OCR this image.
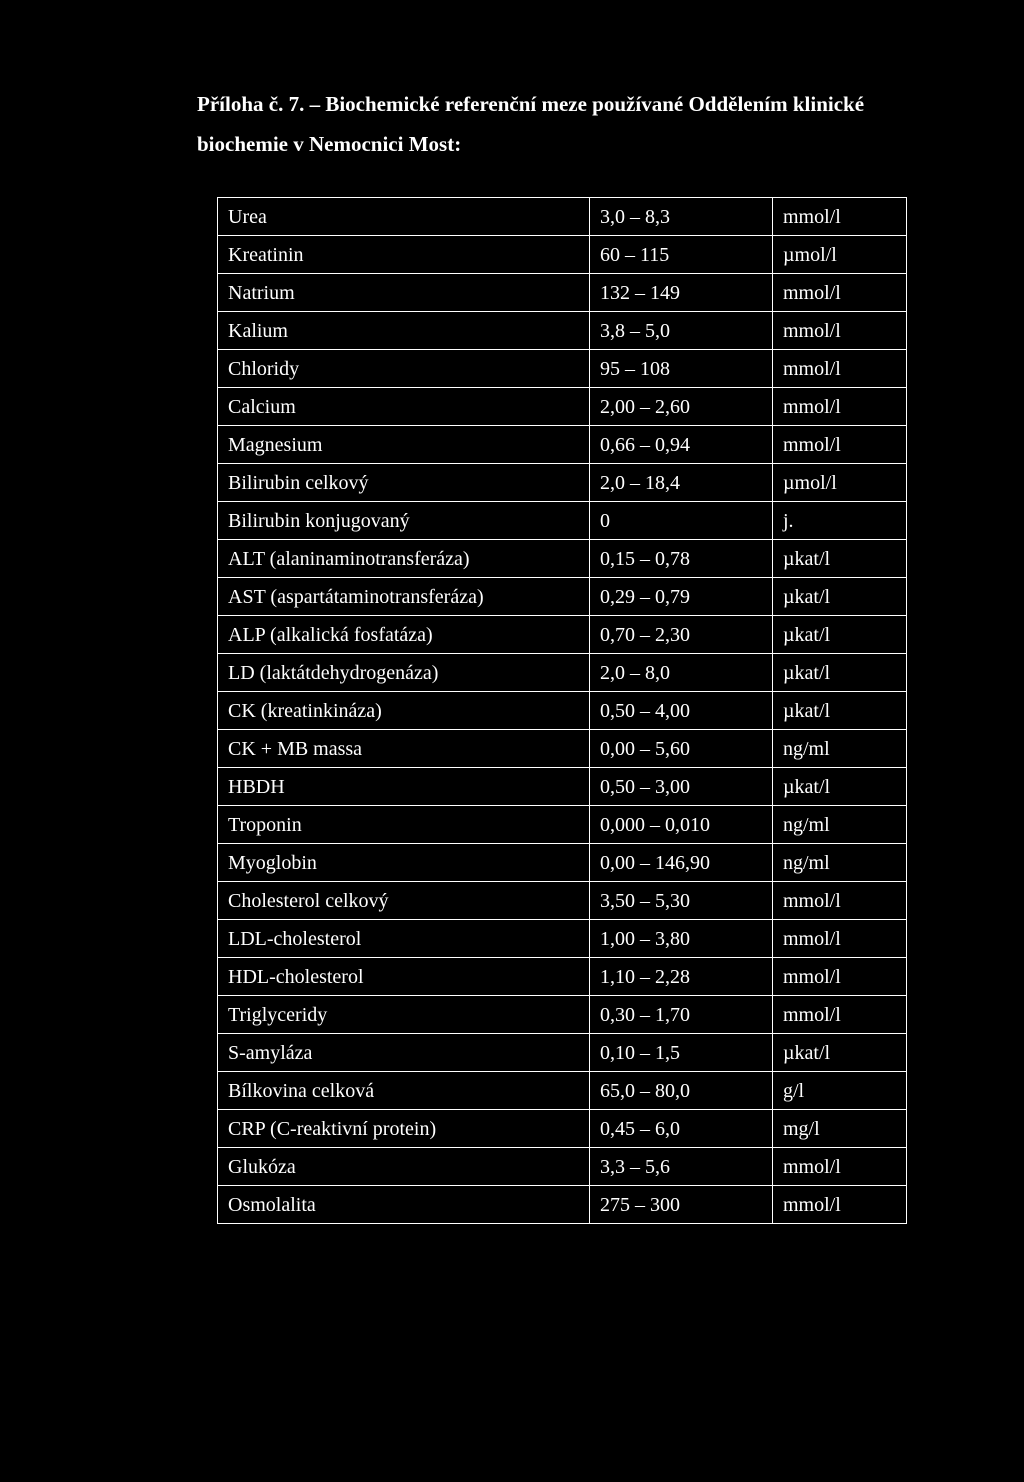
Příloha č. 7. – Biochemické referenční meze používané Oddělením klinické
biochemie v Nemocnici Most:
Urea	3,0 – 8,3	mmol/l
Kreatinin	60 – 115	µmol/l
Natrium	132 – 149	mmol/l
Kalium	3,8 – 5,0	mmol/l
Chloridy	95 – 108	mmol/l
Calcium	2,00 – 2,60	mmol/l
Magnesium	0,66 – 0,94	mmol/l
Bilirubin celkový	2,0 – 18,4	µmol/l
Bilirubin konjugovaný	0	j.
ALT (alaninaminotransferáza)	0,15 – 0,78	µkat/l
AST (aspartátaminotransferáza)	0,29 – 0,79	µkat/l
ALP (alkalická fosfatáza)	0,70 – 2,30	µkat/l
LD (laktátdehydrogenáza)	2,0 – 8,0	µkat/l
CK (kreatinkináza)	0,50 – 4,00	µkat/l
CK + MB massa	0,00 – 5,60	ng/ml
HBDH	0,50 – 3,00	µkat/l
Troponin	0,000 – 0,010	ng/ml
Myoglobin	0,00 – 146,90	ng/ml
Cholesterol celkový	3,50 – 5,30	mmol/l
LDL-cholesterol	1,00 – 3,80	mmol/l
HDL-cholesterol	1,10 – 2,28	mmol/l
Triglyceridy	0,30 – 1,70	mmol/l
S-amyláza	0,10 – 1,5	µkat/l
Bílkovina celková	65,0 – 80,0	g/l
CRP (C-reaktivní protein)	0,45 – 6,0	mg/l
Glukóza	3,3 – 5,6	mmol/l
Osmolalita	275 – 300	mmol/l
